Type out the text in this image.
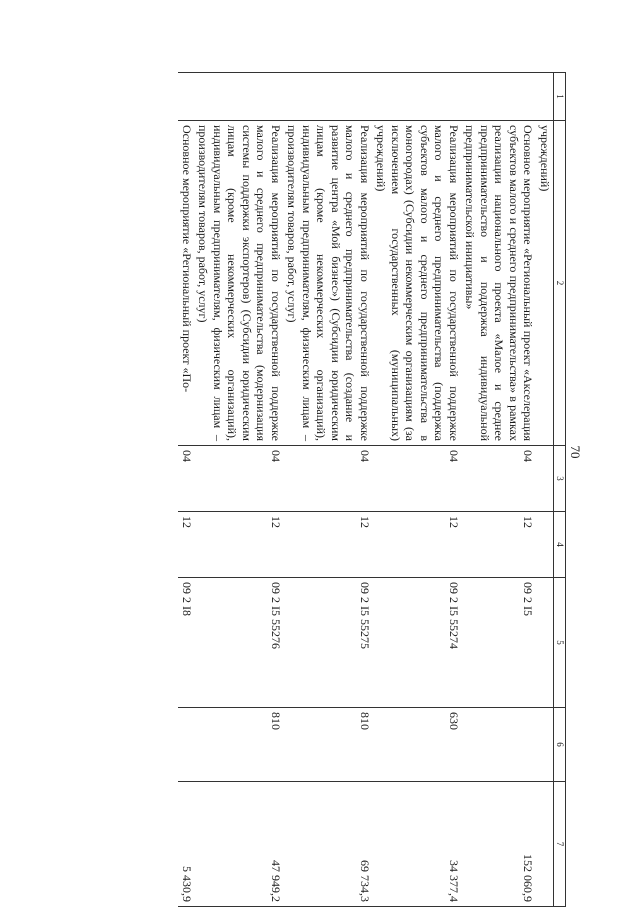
70
1	2	3	4	5	6	7
	учреждений)					
	Основное мероприятие «Региональный проект «Акселерация субъектов малого и среднего предпринимательства» в рамках реализации национального проекта «Малое и среднее предпринимательство и поддержка индивидуальной предпринимательской инициативы»	04	12	09 2 I5		152 060,9
	Реализация мероприятий по государственной поддержке малого и среднего предпринимательства (поддержка субъектов малого и среднего предпринимательства в моногородах) (Субсидии некоммерческим организациям (за исключением государственных (муниципальных) учреждений)	04	12	09 2 I5 55274	630	34 377,4
	Реализация мероприятий по государственной поддержке малого и среднего предпринимательства (создание и развитие центра «Мой бизнес») (Субсидии юридическим лицам (кроме некоммерческих организаций), индивидуальным предпринимателям, физическим лицам – производителям товаров, работ, услуг)	04	12	09 2 I5 55275	810	69 734,3
	Реализация мероприятий по государственной поддержке малого и среднего предпринимательства (модернизация системы поддержки экспортеров) (Субсидии юридическим лицам (кроме некоммерческих организаций), индивидуальным предпринимателям, физическим лицам – производителям товаров, работ, услуг)	04	12	09 2 I5 55276	810	47 949,2
	Основное мероприятие «Региональный проект «По-	04	12	09 2 I8		5 430,9
